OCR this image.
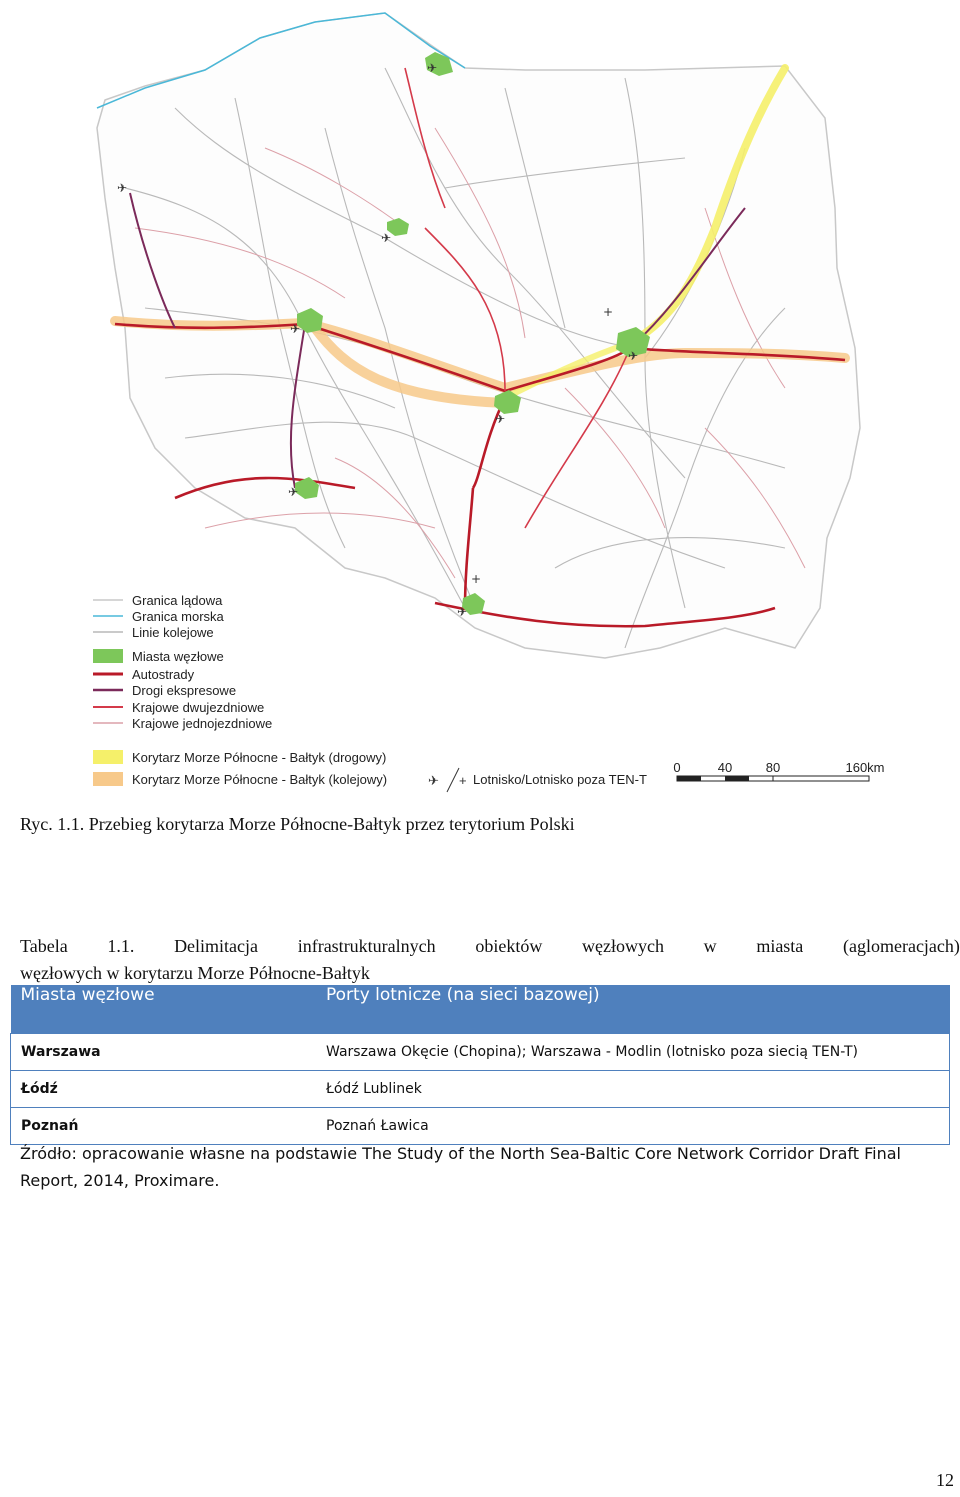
✈
+
✈
✈
✈
✈
✈
✈
✈
+
Granica lądowa
Granica morska
Linie kolejowe
Miasta węzłowe
Autostrady
Drogi ekspresowe
Krajowe dwujezdniowe
Krajowe jednojezdniowe
Korytarz Morze Północne - Bałtyk (drogowy)
Korytarz Morze Północne - Bałtyk (kolejowy)	✈ + Lotnisko/Lotnisko poza TEN-T
0	40	80	160km
Ryc. 1.1. Przebieg korytarza Morze Północne-Bałtyk przez terytorium Polski
Tabela 1.1. Delimitacja infrastrukturalnych obiektów węzłowych w miasta (aglomeracjach)
węzłowych w korytarzu Morze Północne-Bałtyk
Miasta węzłowe	Porty lotnicze (na sieci bazowej)
Warszawa	Warszawa Okęcie (Chopina); Warszawa - Modlin (lotnisko poza siecią TEN-T)
Łódź	Łódź Lublinek
Poznań	Poznań Ławica
Źródło: opracowanie własne na podstawie The Study of the North Sea-Baltic Core Network Corridor Draft Final Report, 2014, Proximare.
12
